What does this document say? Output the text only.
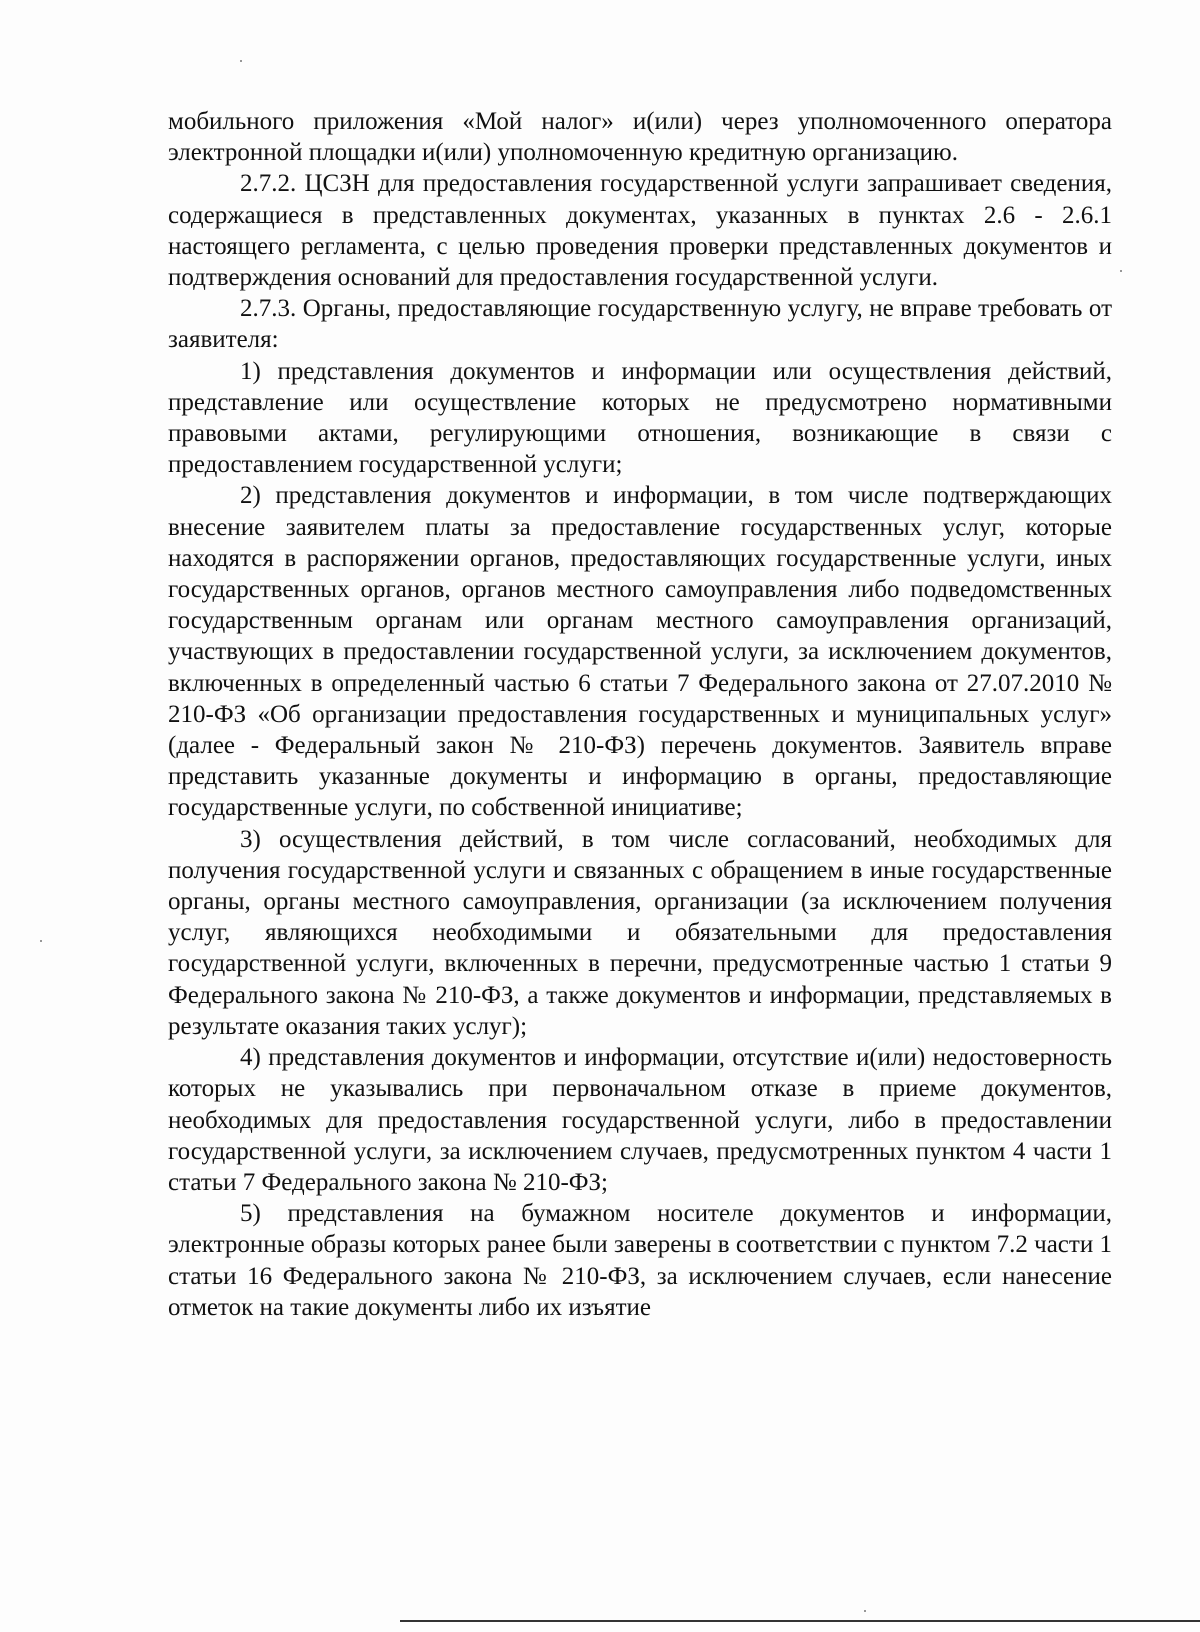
мобильного приложения «Мой налог» и(или) через уполномоченного оператора электронной площадки и(или) уполномоченную кредитную организацию.

2.7.2. ЦСЗН для предоставления государственной услуги запрашивает сведения, содержащиеся в представленных документах, указанных в пунктах 2.6 - 2.6.1 настоящего регламента, с целью проведения проверки представленных документов и подтверждения оснований для предоставления государственной услуги.

2.7.3. Органы, предоставляющие государственную услугу, не вправе требовать от заявителя:

1) представления документов и информации или осуществления действий, представление или осуществление которых не предусмотрено нормативными правовыми актами, регулирующими отношения, возникающие в связи с предоставлением государственной услуги;

2) представления документов и информации, в том числе подтверждающих внесение заявителем платы за предоставление государственных услуг, которые находятся в распоряжении органов, предоставляющих государственные услуги, иных государственных органов, органов местного самоуправления либо подведомственных государственным органам или органам местного самоуправления организаций, участвующих в предоставлении государственной услуги, за исключением документов, включенных в определенный частью 6 статьи 7 Федерального закона от 27.07.2010 № 210-ФЗ «Об организации предоставления государственных и муниципальных услуг» (далее - Федеральный закон № 210-ФЗ) перечень документов. Заявитель вправе представить указанные документы и информацию в органы, предоставляющие государственные услуги, по собственной инициативе;

3) осуществления действий, в том числе согласований, необходимых для получения государственной услуги и связанных с обращением в иные государственные органы, органы местного самоуправления, организации (за исключением получения услуг, являющихся необходимыми и обязательными для предоставления государственной услуги, включенных в перечни, предусмотренные частью 1 статьи 9 Федерального закона № 210-ФЗ, а также документов и информации, представляемых в результате оказания таких услуг);

4) представления документов и информации, отсутствие и(или) недостоверность которых не указывались при первоначальном отказе в приеме документов, необходимых для предоставления государственной услуги, либо в предоставлении государственной услуги, за исключением случаев, предусмотренных пунктом 4 части 1 статьи 7 Федерального закона № 210-ФЗ;

5) представления на бумажном носителе документов и информации, электронные образы которых ранее были заверены в соответствии с пунктом 7.2 части 1 статьи 16 Федерального закона № 210-ФЗ, за исключением случаев, если нанесение отметок на такие документы либо их изъятие
